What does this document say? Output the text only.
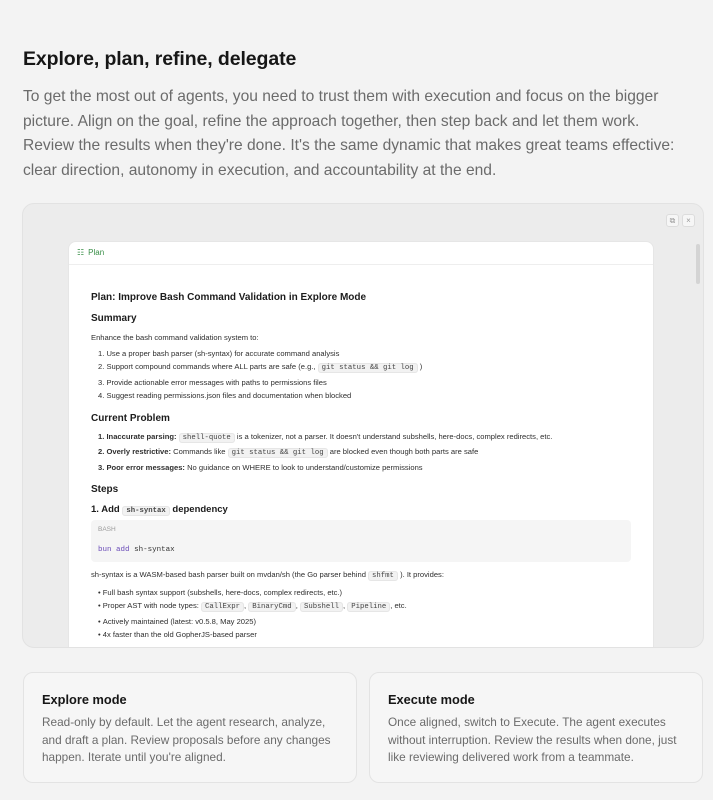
Explore, plan, refine, delegate

To get the most out of agents, you need to trust them with execution and focus on the bigger picture. Align on the goal, refine the approach together, then step back and let them work. Review the results when they're done. It's the same dynamic that makes great teams effective: clear direction, autonomy in execution, and accountability at the end.

⧉	×
☷ Plan
Plan: Improve Bash Command Validation in Explore Mode
Summary

Enhance the bash command validation system to:

1. Use a proper bash parser (sh-syntax) for accurate command analysis
2. Support compound commands where ALL parts are safe (e.g., git status && git log )
3. Provide actionable error messages with paths to permissions files
4. Suggest reading permissions.json files and documentation when blocked
Current Problem
1. Inaccurate parsing: shell-quote is a tokenizer, not a parser. It doesn't understand subshells, here-docs, complex redirects, etc.
2. Overly restrictive: Commands like git status && git log are blocked even though both parts are safe
3. Poor error messages: No guidance on WHERE to look to understand/customize permissions
Steps
1. Add sh-syntax dependency
BASH
bun add sh-syntax

sh-syntax is a WASM-based bash parser built on mvdan/sh (the Go parser behind shfmt ). It provides:

• Full bash syntax support (subshells, here-docs, complex redirects, etc.)
• Proper AST with node types: CallExpr , BinaryCmd , Subshell , Pipeline , etc.
• Actively maintained (latest: v0.5.8, May 2025)
• 4x faster than the old GopherJS-based parser
Explore mode

Read-only by default. Let the agent research, analyze, and draft a plan. Review proposals before any changes happen. Iterate until you're aligned.

Execute mode

Once aligned, switch to Execute. The agent executes without interruption. Review the results when done, just like reviewing delivered work from a teammate.
